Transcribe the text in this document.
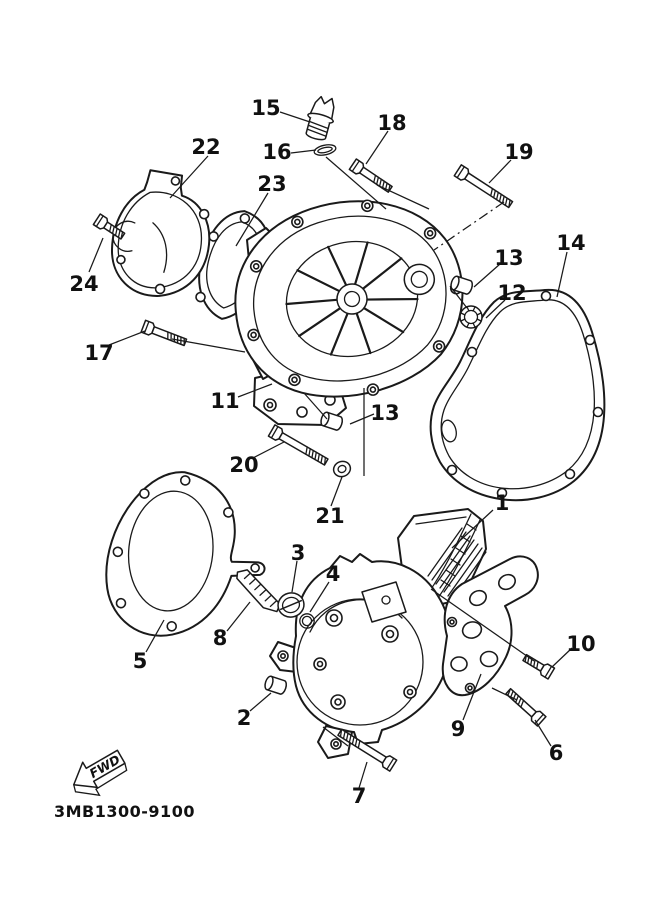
1
2
3
4
5
6
7
8
9
10
11
12
13
13
14
15
16
17
18
19
20
21
22
23
24
FWD
3MB1300-9100
